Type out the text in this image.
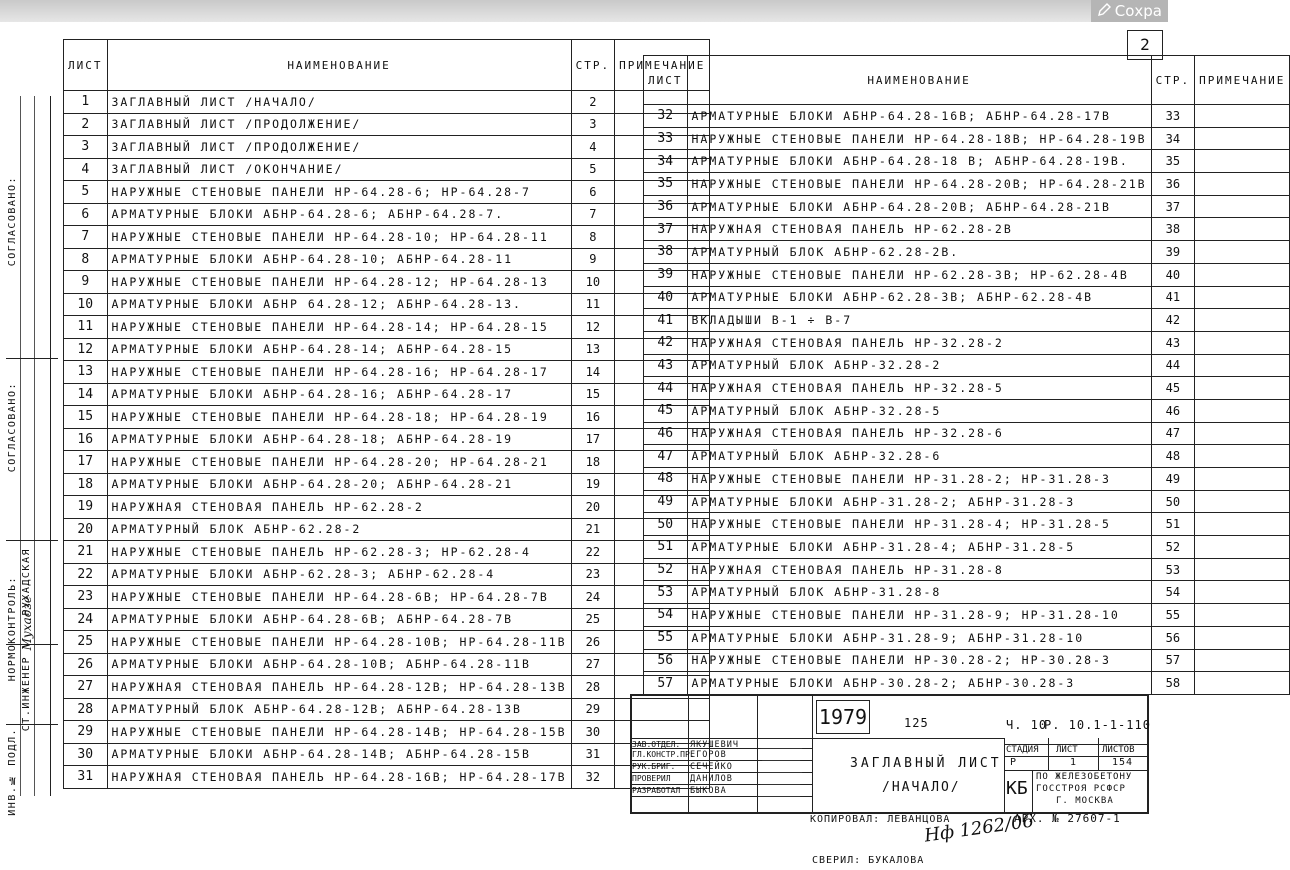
Сохра
2
СОГЛАСОВАНО:
СОГЛАСОВАНО:
НОРМОКОНТРОЛЬ: РУХАДСКАЯ
СТ.ИНЖЕНЕР
ИНВ.№ ПОДЛ.
Мухадзе
ЛИСТ	НАИМЕНОВАНИЕ	СТР.	ПРИМЕЧАНИЕ
1	ЗАГЛАВНЫЙ ЛИСТ /НАЧАЛО/	2	
2	ЗАГЛАВНЫЙ ЛИСТ /ПРОДОЛЖЕНИЕ/	3	
3	ЗАГЛАВНЫЙ ЛИСТ /ПРОДОЛЖЕНИЕ/	4	
4	ЗАГЛАВНЫЙ ЛИСТ /ОКОНЧАНИЕ/	5	
5	НАРУЖНЫЕ СТЕНОВЫЕ ПАНЕЛИ НР-64.28-6; НР-64.28-7	6	
6	АРМАТУРНЫЕ БЛОКИ АБНР-64.28-6; АБНР-64.28-7.	7	
7	НАРУЖНЫЕ СТЕНОВЫЕ ПАНЕЛИ НР-64.28-10; НР-64.28-11	8	
8	АРМАТУРНЫЕ БЛОКИ АБНР-64.28-10; АБНР-64.28-11	9	
9	НАРУЖНЫЕ СТЕНОВЫЕ ПАНЕЛИ НР-64.28-12; НР-64.28-13	10	
10	АРМАТУРНЫЕ БЛОКИ АБНР 64.28-12; АБНР-64.28-13.	11	
11	НАРУЖНЫЕ СТЕНОВЫЕ ПАНЕЛИ НР-64.28-14; НР-64.28-15	12	
12	АРМАТУРНЫЕ БЛОКИ АБНР-64.28-14; АБНР-64.28-15	13	
13	НАРУЖНЫЕ СТЕНОВЫЕ ПАНЕЛИ НР-64.28-16; НР-64.28-17	14	
14	АРМАТУРНЫЕ БЛОКИ АБНР-64.28-16; АБНР-64.28-17	15	
15	НАРУЖНЫЕ СТЕНОВЫЕ ПАНЕЛИ НР-64.28-18; НР-64.28-19	16	
16	АРМАТУРНЫЕ БЛОКИ АБНР-64.28-18; АБНР-64.28-19	17	
17	НАРУЖНЫЕ СТЕНОВЫЕ ПАНЕЛИ НР-64.28-20; НР-64.28-21	18	
18	АРМАТУРНЫЕ БЛОКИ АБНР-64.28-20; АБНР-64.28-21	19	
19	НАРУЖНАЯ СТЕНОВАЯ ПАНЕЛЬ НР-62.28-2	20	
20	АРМАТУРНЫЙ БЛОК АБНР-62.28-2	21	
21	НАРУЖНЫЕ СТЕНОВЫЕ ПАНЕЛЬ НР-62.28-3; НР-62.28-4	22	
22	АРМАТУРНЫЕ БЛОКИ АБНР-62.28-3; АБНР-62.28-4	23	
23	НАРУЖНЫЕ СТЕНОВЫЕ ПАНЕЛИ НР-64.28-6В; НР-64.28-7В	24	
24	АРМАТУРНЫЕ БЛОКИ АБНР-64.28-6В; АБНР-64.28-7В	25	
25	НАРУЖНЫЕ СТЕНОВЫЕ ПАНЕЛИ НР-64.28-10В; НР-64.28-11В	26	
26	АРМАТУРНЫЕ БЛОКИ АБНР-64.28-10В; АБНР-64.28-11В	27	
27	НАРУЖНАЯ СТЕНОВАЯ ПАНЕЛЬ НР-64.28-12В; НР-64.28-13В	28	
28	АРМАТУРНЫЙ БЛОК АБНР-64.28-12В; АБНР-64.28-13В	29	
29	НАРУЖНЫЕ СТЕНОВЫЕ ПАНЕЛИ НР-64.28-14В; НР-64.28-15В	30	
30	АРМАТУРНЫЕ БЛОКИ АБНР-64.28-14В; АБНР-64.28-15В	31	
31	НАРУЖНАЯ СТЕНОВАЯ ПАНЕЛЬ НР-64.28-16В; НР-64.28-17В	32	
ЛИСТ	НАИМЕНОВАНИЕ	СТР.	ПРИМЕЧАНИЕ
32	АРМАТУРНЫЕ БЛОКИ АБНР-64.28-16В; АБНР-64.28-17В	33	
33	НАРУЖНЫЕ СТЕНОВЫЕ ПАНЕЛИ НР-64.28-18В; НР-64.28-19В	34	
34	АРМАТУРНЫЕ БЛОКИ АБНР-64.28-18 В; АБНР-64.28-19В.	35	
35	НАРУЖНЫЕ СТЕНОВЫЕ ПАНЕЛИ НР-64.28-20В; НР-64.28-21В	36	
36	АРМАТУРНЫЕ БЛОКИ АБНР-64.28-20В; АБНР-64.28-21В	37	
37	НАРУЖНАЯ СТЕНОВАЯ ПАНЕЛЬ НР-62.28-2В	38	
38	АРМАТУРНЫЙ БЛОК АБНР-62.28-2В.	39	
39	НАРУЖНЫЕ СТЕНОВЫЕ ПАНЕЛИ НР-62.28-3В; НР-62.28-4В	40	
40	АРМАТУРНЫЕ БЛОКИ АБНР-62.28-3В; АБНР-62.28-4В	41	
41	ВКЛАДЫШИ В-1 ÷ В-7	42	
42	НАРУЖНАЯ СТЕНОВАЯ ПАНЕЛЬ НР-32.28-2	43	
43	АРМАТУРНЫЙ БЛОК АБНР-32.28-2	44	
44	НАРУЖНАЯ СТЕНОВАЯ ПАНЕЛЬ НР-32.28-5	45	
45	АРМАТУРНЫЙ БЛОК АБНР-32.28-5	46	
46	НАРУЖНАЯ СТЕНОВАЯ ПАНЕЛЬ НР-32.28-6	47	
47	АРМАТУРНЫЙ БЛОК АБНР-32.28-6	48	
48	НАРУЖНЫЕ СТЕНОВЫЕ ПАНЕЛИ НР-31.28-2; НР-31.28-3	49	
49	АРМАТУРНЫЕ БЛОКИ АБНР-31.28-2; АБНР-31.28-3	50	
50	НАРУЖНЫЕ СТЕНОВЫЕ ПАНЕЛИ НР-31.28-4; НР-31.28-5	51	
51	АРМАТУРНЫЕ БЛОКИ АБНР-31.28-4; АБНР-31.28-5	52	
52	НАРУЖНАЯ СТЕНОВАЯ ПАНЕЛЬ НР-31.28-8	53	
53	АРМАТУРНЫЙ БЛОК АБНР-31.28-8	54	
54	НАРУЖНЫЕ СТЕНОВЫЕ ПАНЕЛИ НР-31.28-9; НР-31.28-10	55	
55	АРМАТУРНЫЕ БЛОКИ АБНР-31.28-9; АБНР-31.28-10	56	
56	НАРУЖНЫЕ СТЕНОВЫЕ ПАНЕЛИ НР-30.28-2; НР-30.28-3	57	
57	АРМАТУРНЫЕ БЛОКИ АБНР-30.28-2; АБНР-30.28-3	58	
1979	125	Ч. 10
Р. 10.1-1-110
ЗАВ.ОТДЕЛ.
ГЛ.КОНСТР.ПР.
РУК.БРИГ.
ПРОВЕРИЛ
РАЗРАБОТАЛ
ЯКУШЕВИЧ
ЕГОРОВ
СЕЧЕЙКО
ДАНИЛОВ
БЫКОВА
ЗАГЛАВНЫЙ ЛИСТ
/НАЧАЛО/
СТАДИЯ ЛИСТ	ЛИСТОВ
Р	1	154
КБ
ПО ЖЕЛЕЗОБЕТОНУ
ГОССТРОЯ РСФСР
Г. МОСКВА
КОПИРОВАЛ: ЛЕВАНЦОВА
Нф 1262/06
АРХ. № 27607-1
СВЕРИЛ: БУКАЛОВА
